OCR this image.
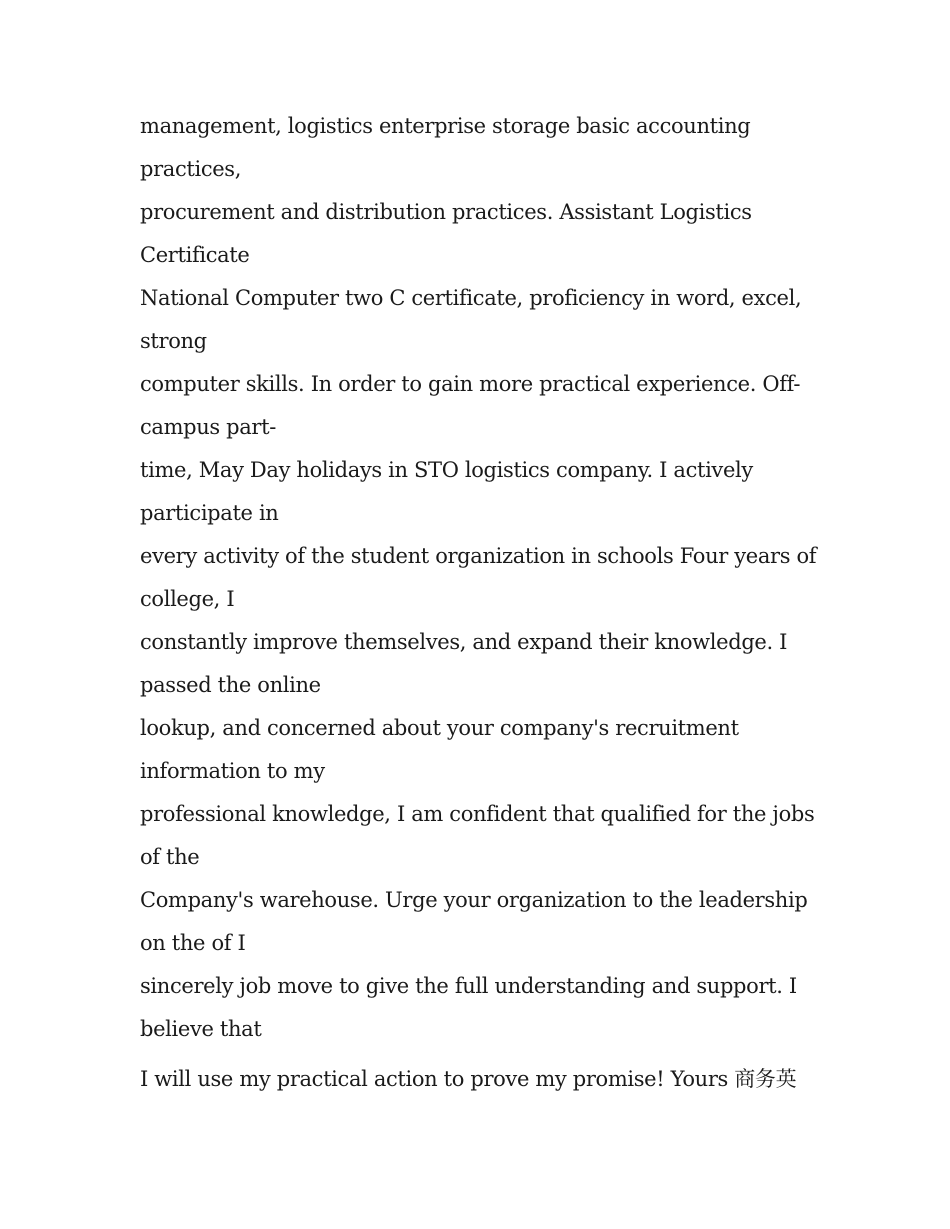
management, logistics enterprise storage basic accounting
practices,
procurement and distribution practices. Assistant Logistics
Certificate
National Computer two C certificate, proficiency in word, excel,
strong
computer skills. In order to gain more practical experience. Off-
campus part-
time, May Day holidays in STO logistics company. I actively
participate in
every activity of the student organization in schools Four years of
college, I
constantly improve themselves, and expand their knowledge. I
passed the online
lookup, and concerned about your company's recruitment
information to my
professional knowledge, I am confident that qualified for the jobs
of the
Company's warehouse. Urge your organization to the leadership
on the of I
sincerely job move to give the full understanding and support. I
believe that
I will use my practical action to prove my promise! Yours 商务英
